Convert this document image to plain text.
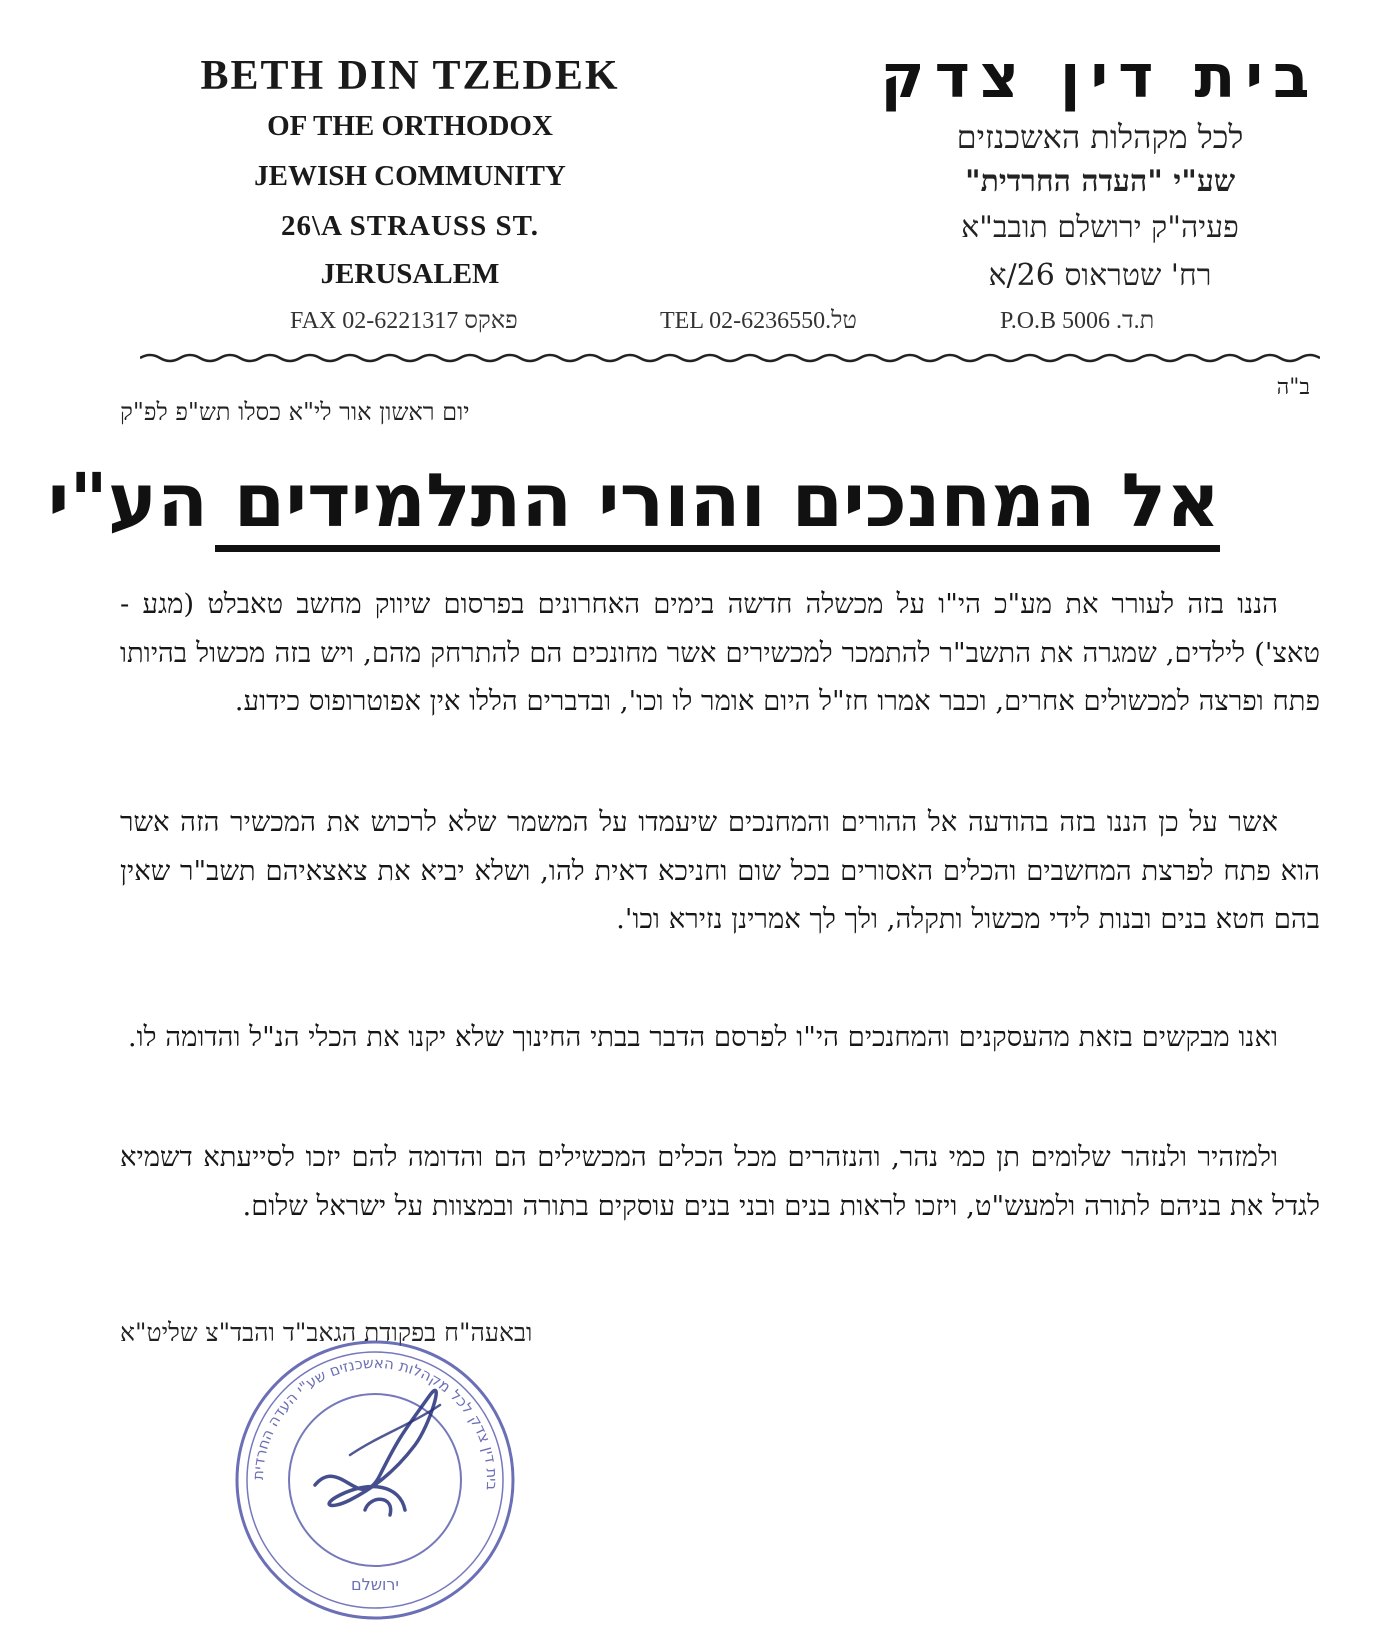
BETH DIN TZEDEK
OF THE ORTHODOX
JEWISH COMMUNITY
26\A STRAUSS ST.
JERUSALEM
בית דין צדק
לכל מקהלות האשכנזים
שע"י "העדה החרדית"
פעיה"ק ירושלם תובב"א
רח' שטראוס 26/א
FAX 02-6221317 פאקס	TEL 02-6236550.טל	P.O.B 5006 .ת.ד
ב"ה
יום ראשון אור לי"א כסלו תש"פ לפ"ק
אל המחנכים והורי התלמידים הע"י

הננו בזה לעורר את מע"כ הי"ו על מכשלה חדשה בימים האחרונים בפרסום שיווק מחשב טאבלט (מגע - טאצ') לילדים, שמגרה את התשב"ר להתמכר למכשירים אשר מחונכים הם להתרחק מהם, ויש בזה מכשול בהיותו פתח ופרצה למכשולים אחרים, וכבר אמרו חז"ל היום אומר לו וכו', ובדברים הללו אין אפוטרופוס כידוע.

אשר על כן הננו בזה בהודעה אל ההורים והמחנכים שיעמדו על המשמר שלא לרכוש את המכשיר הזה אשר הוא פתח לפרצת המחשבים והכלים האסורים בכל שום וחניכא דאית להו, ושלא יביא את צאצאיהם תשב"ר שאין בהם חטא בנים ובנות לידי מכשול ותקלה, ולך לך אמרינן נזירא וכו'.

ואנו מבקשים בזאת מהעסקנים והמחנכים הי"ו לפרסם הדבר בבתי החינוך שלא יקנו את הכלי הנ"ל והדומה לו.

ולמזהיר ולנזהר שלומים תן כמי נהר, והנזהרים מכל הכלים המכשילים הם והדומה להם יזכו לסייעתא דשמיא לגדל את בניהם לתורה ולמעש"ט, ויזכו לראות בנים ובני בנים עוסקים בתורה ובמצוות על ישראל שלום.

ובאעה"ח בפקודת הגאב"ד והבד"צ שליט"א
בית דין צדק לכל מקהלות האשכנזים שע"י העדה החרדית
ירושלם
